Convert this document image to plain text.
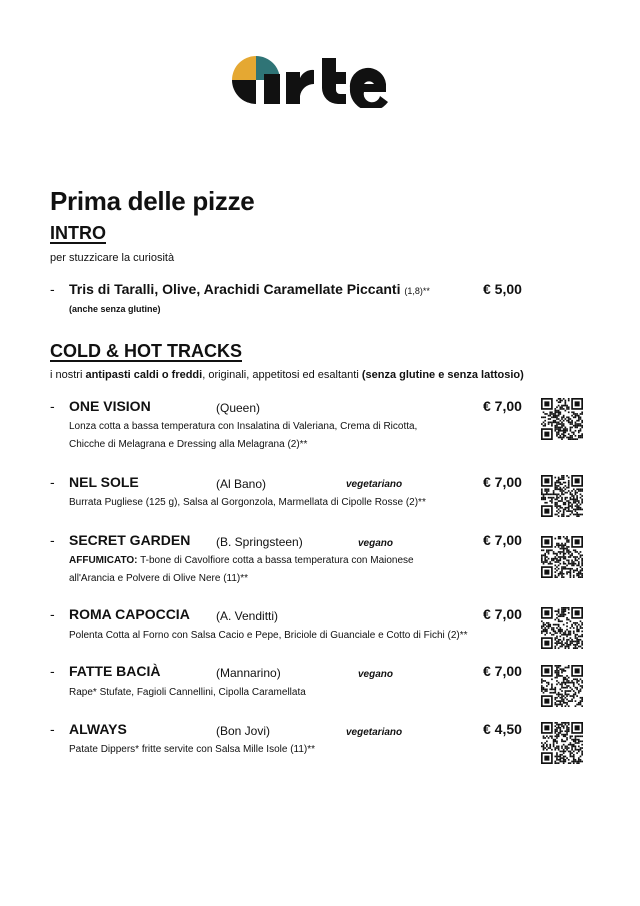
Prima delle pizze
INTRO
per stuzzicare la curiosità
- Tris di Taralli, Olive, Arachidi Caramellate Piccanti (1,8)**	€ 5,00
(anche senza glutine)
COLD & HOT TRACKS
i nostri antipasti caldi o freddi, originali, appetitosi ed esaltanti (senza glutine e senza lattosio)
- ONE VISION	(Queen)	€ 7,00
Lonza cotta a bassa temperatura con Insalatina di Valeriana, Crema di Ricotta,
Chicche di Melagrana e Dressing alla Melagrana (2)**
- NEL SOLE	(Al Bano)	vegetariano	€ 7,00
Burrata Pugliese (125 g), Salsa al Gorgonzola, Marmellata di Cipolle Rosse (2)**
- SECRET GARDEN (B. Springsteen)	vegano	€ 7,00
AFFUMICATO: T-bone di Cavolfiore cotta a bassa temperatura con Maionese
all'Arancia e Polvere di Olive Nere (11)**
- ROMA CAPOCCIA (A. Venditti)	€ 7,00
Polenta Cotta al Forno con Salsa Cacio e Pepe, Briciole di Guanciale e Cotto di Fichi (2)**
- FATTE BACIÀ	(Mannarino)	vegano	€ 7,00
Rape* Stufate, Fagioli Cannellini, Cipolla Caramellata
- ALWAYS	(Bon Jovi)	vegetariano	€ 4,50
Patate Dippers* fritte servite con Salsa Mille Isole (11)**
